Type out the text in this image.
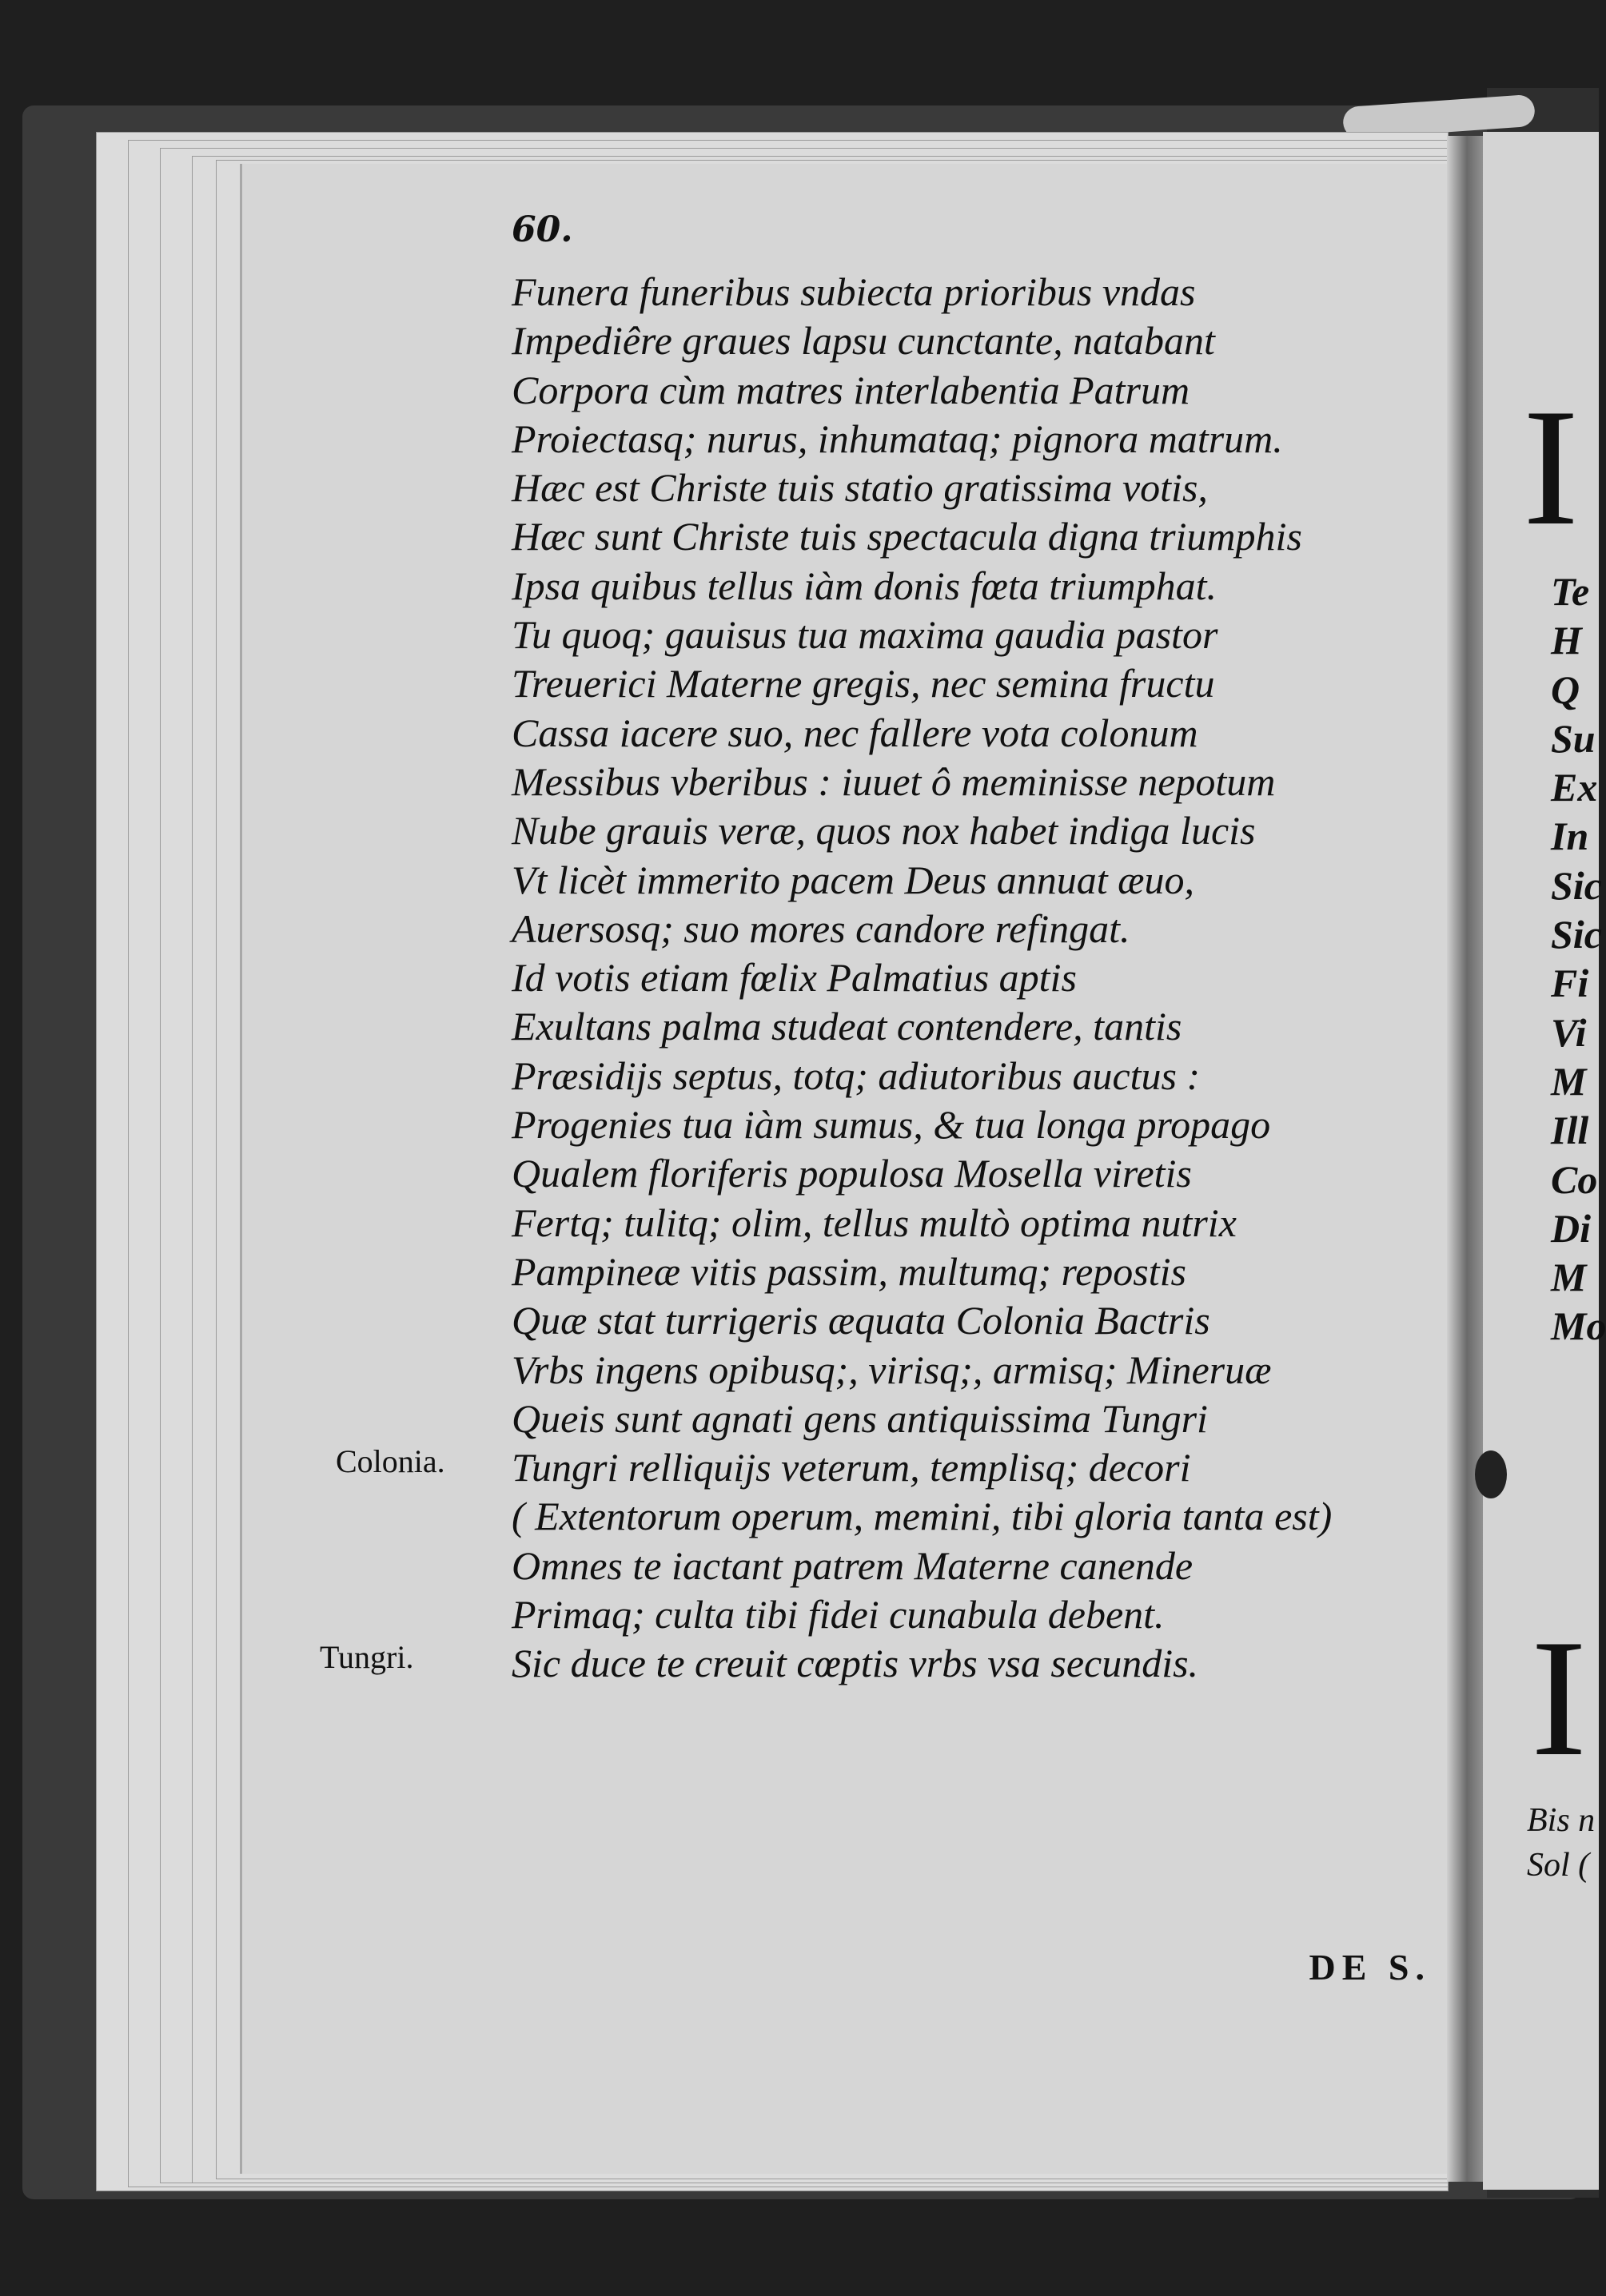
60.
Funera funeribus subiecta prioribus vndas
Impediêre graues lapsu cunctante, natabant
Corpora cùm matres interlabentia Patrum
Proiectasq; nurus, inhumataq; pignora matrum.
Hæc est Christe tuis statio gratissima votis,
Hæc sunt Christe tuis spectacula digna triumphis
Ipsa quibus tellus iàm donis fœta triumphat.
Tu quoq; gauisus tua maxima gaudia pastor
Treuerici Materne gregis, nec semina fructu
Cassa iacere suo, nec fallere vota colonum
Messibus vberibus : iuuet ô meminisse nepotum
Nube grauis veræ, quos nox habet indiga lucis
Vt licèt immerito pacem Deus annuat æuo,
Auersosq; suo mores candore refingat.
Id votis etiam fœlix Palmatius aptis
Exultans palma studeat contendere, tantis
Præsidijs septus, totq; adiutoribus auctus :
Progenies tua iàm sumus, & tua longa propago
Qualem floriferis populosa Mosella viretis
Fertq; tulitq; olim, tellus multò optima nutrix
Pampineæ vitis passim, multumq; repostis
Quæ stat turrigeris æquata Colonia Bactris
Vrbs ingens opibusq;, virisq;, armisq; Mineruæ
Queis sunt agnati gens antiquissima Tungri
Tungri relliquijs veterum, templisq; decori
( Extentorum operum, memini, tibi gloria tanta est)
Omnes te iactant patrem Materne canende
Primaq; culta tibi fidei cunabula debent.
Sic duce te creuit cœptis vrbs vsa secundis.
Colonia.
Tungri.
DE S.
I
Te
H
Q
Su
Ex
In
Sic
Sic
Fi
Vi
M
Ill
Co
Di
M
Mo
I
Bis n
Sol (
